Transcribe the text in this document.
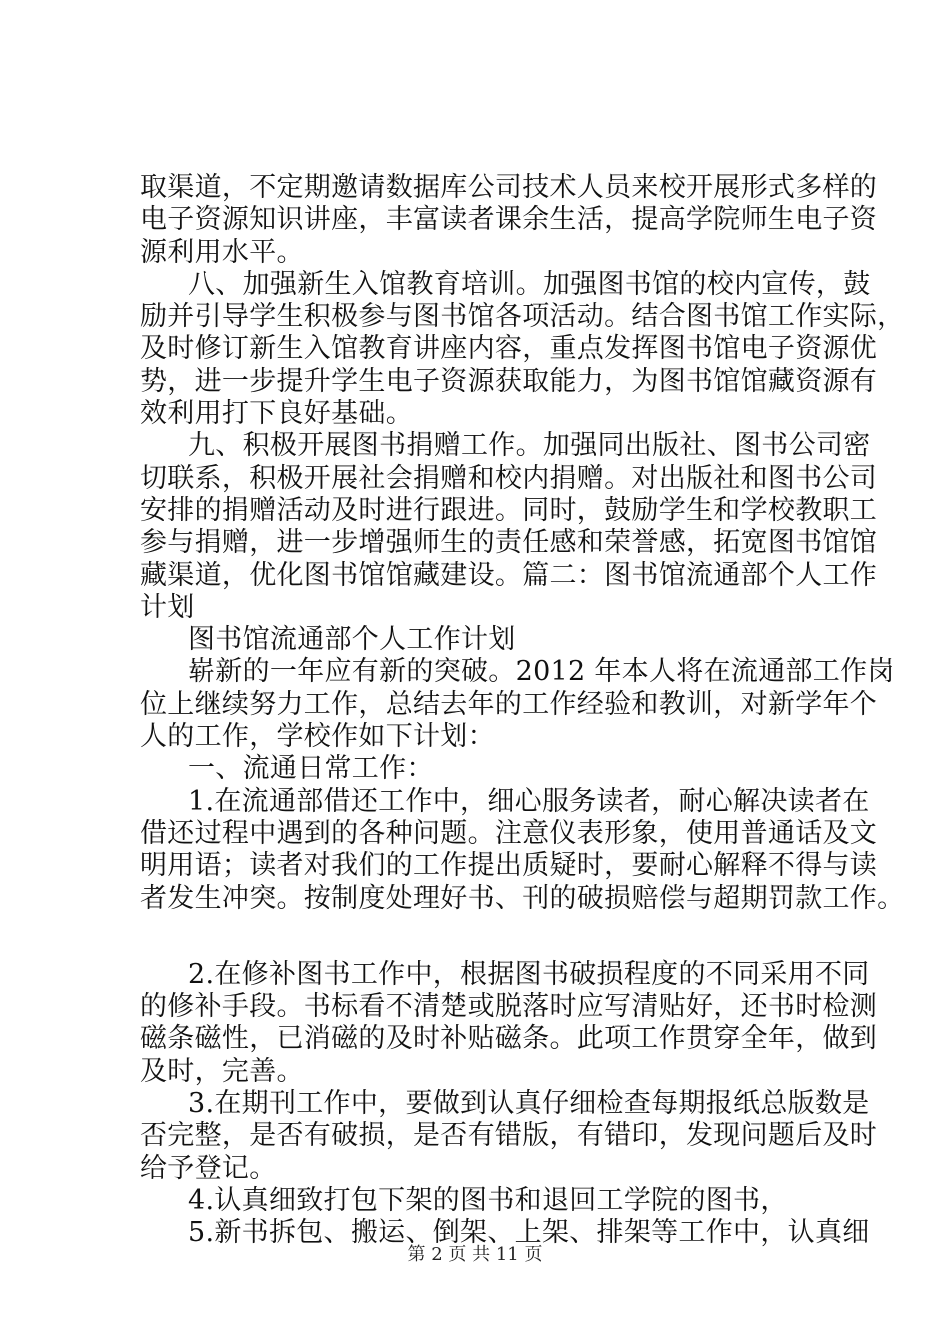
取渠道，不定期邀请数据库公司技术人员来校开展形式多样的
电子资源知识讲座，丰富读者课余生活，提高学院师生电子资
源利用水平。
八、加强新生入馆教育培训。加强图书馆的校内宣传，鼓
励并引导学生积极参与图书馆各项活动。结合图书馆工作实际，
及时修订新生入馆教育讲座内容，重点发挥图书馆电子资源优
势，进一步提升学生电子资源获取能力，为图书馆馆藏资源有
效利用打下良好基础。
九、积极开展图书捐赠工作。加强同出版社、图书公司密
切联系，积极开展社会捐赠和校内捐赠。对出版社和图书公司
安排的捐赠活动及时进行跟进。同时，鼓励学生和学校教职工
参与捐赠，进一步增强师生的责任感和荣誉感，拓宽图书馆馆
藏渠道，优化图书馆馆藏建设。篇二：图书馆流通部个人工作
计划
图书馆流通部个人工作计划
崭新的一年应有新的突破。2012 年本人将在流通部工作岗
位上继续努力工作，总结去年的工作经验和教训，对新学年个
人的工作，学校作如下计划：
一、流通日常工作：
1.在流通部借还工作中，细心服务读者，耐心解决读者在
借还过程中遇到的各种问题。注意仪表形象，使用普通话及文
明用语；读者对我们的工作提出质疑时，要耐心解释不得与读
者发生冲突。按制度处理好书、刊的破损赔偿与超期罚款工作。
2.在修补图书工作中，根据图书破损程度的不同采用不同
的修补手段。书标看不清楚或脱落时应写清贴好，还书时检测
磁条磁性，已消磁的及时补贴磁条。此项工作贯穿全年，做到
及时，完善。
3.在期刊工作中，要做到认真仔细检查每期报纸总版数是
否完整，是否有破损，是否有错版，有错印，发现问题后及时
给予登记。
4.认真细致打包下架的图书和退回工学院的图书，
5.新书拆包、搬运、倒架、上架、排架等工作中，认真细
第 2 页 共 11 页
